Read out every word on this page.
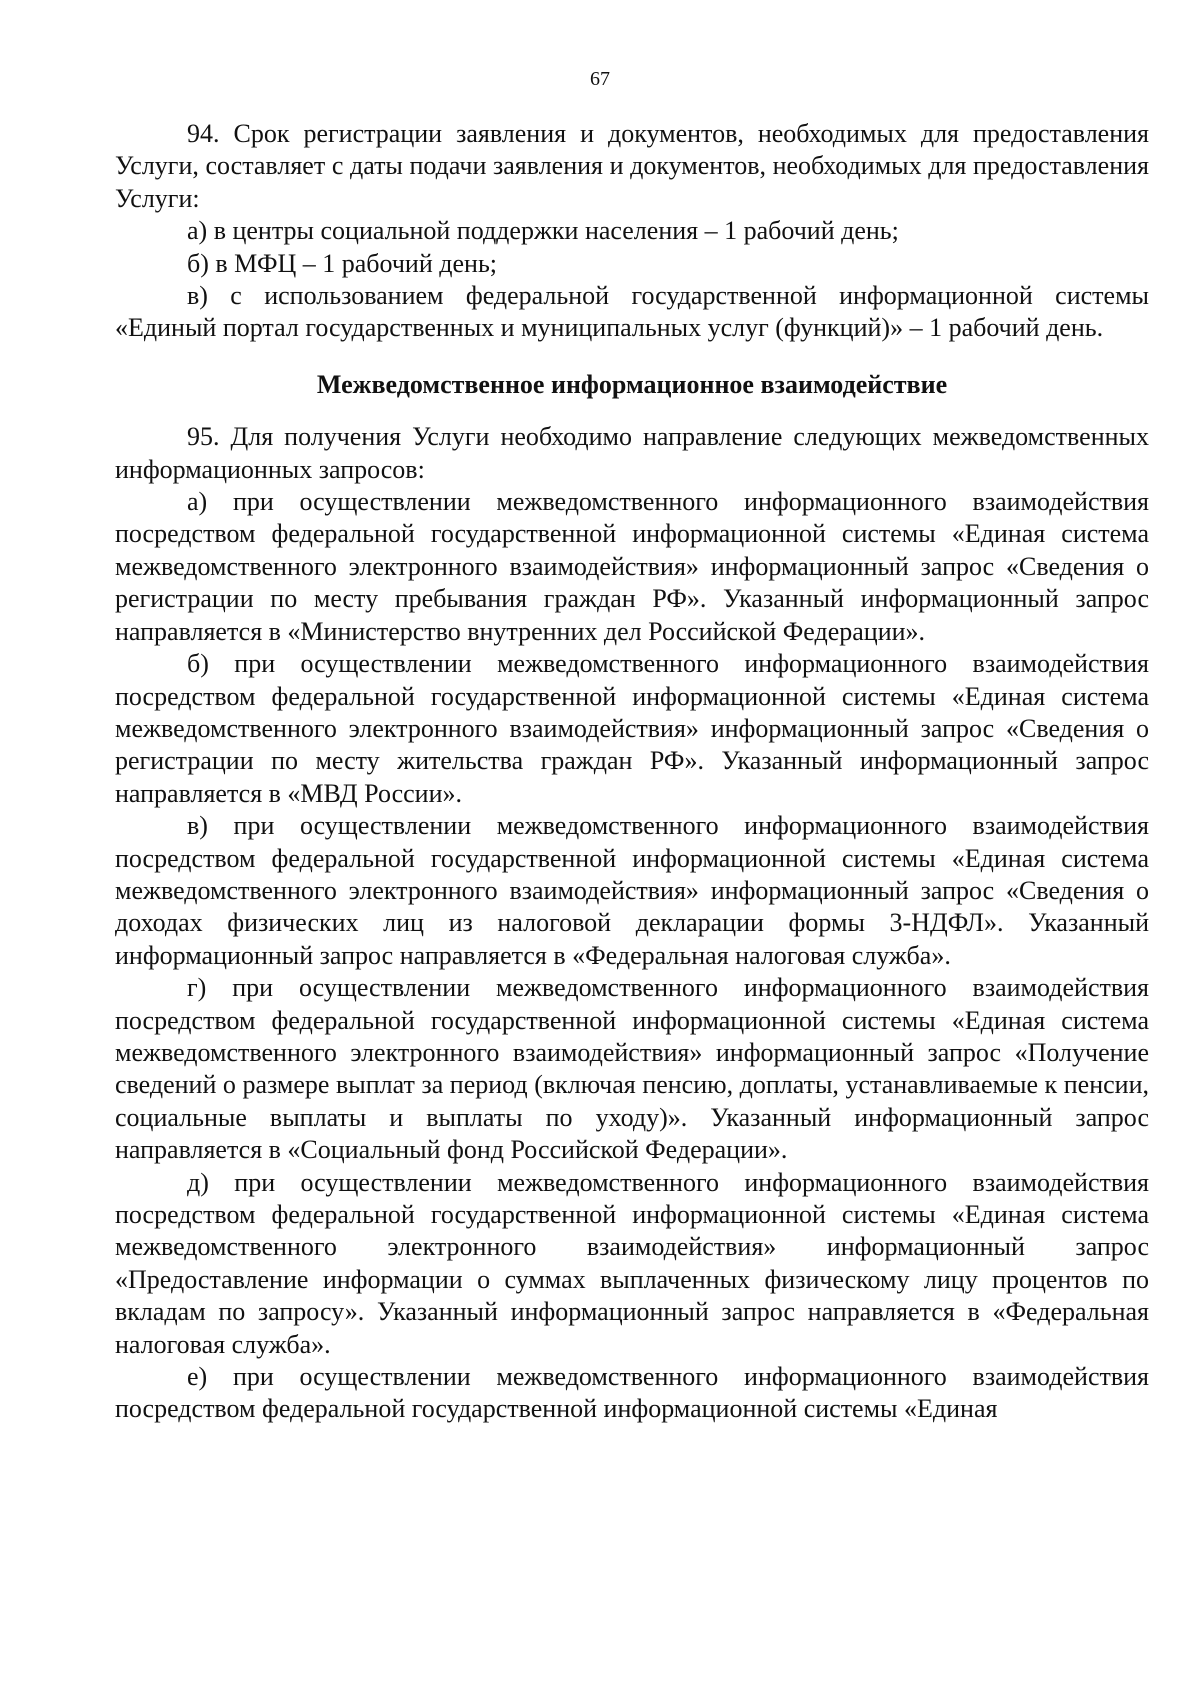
67

94. Срок регистрации заявления и документов, необходимых для предоставления Услуги, составляет с даты подачи заявления и документов, необходимых для предоставления Услуги:

а) в центры социальной поддержки населения – 1 рабочий день;

б) в МФЦ – 1 рабочий день;

в) с использованием федеральной государственной информационной системы «Единый портал государственных и муниципальных услуг (функций)» – 1 рабочий день.

Межведомственное информационное взаимодействие

95. Для получения Услуги необходимо направление следующих межведомственных информационных запросов:

а) при осуществлении межведомственного информационного взаимодействия посредством федеральной государственной информационной системы «Единая система межведомственного электронного взаимодействия» информационный запрос «Сведения о регистрации по месту пребывания граждан РФ». Указанный информационный запрос направляется в «Министерство внутренних дел Российской Федерации».

б) при осуществлении межведомственного информационного взаимодействия посредством федеральной государственной информационной системы «Единая система межведомственного электронного взаимодействия» информационный запрос «Сведения о регистрации по месту жительства граждан РФ». Указанный информационный запрос направляется в «МВД России».

в) при осуществлении межведомственного информационного взаимодействия посредством федеральной государственной информационной системы «Единая система межведомственного электронного взаимодействия» информационный запрос «Сведения о доходах физических лиц из налоговой декларации формы 3-НДФЛ». Указанный информационный запрос направляется в «Федеральная налоговая служба».

г) при осуществлении межведомственного информационного взаимодействия посредством федеральной государственной информационной системы «Единая система межведомственного электронного взаимодействия» информационный запрос «Получение сведений о размере выплат за период (включая пенсию, доплаты, устанавливаемые к пенсии, социальные выплаты и выплаты по уходу)». Указанный информационный запрос направляется в «Социальный фонд Российской Федерации».

д) при осуществлении межведомственного информационного взаимодействия посредством федеральной государственной информационной системы «Единая система межведомственного электронного взаимодействия» информационный запрос «Предоставление информации о суммах выплаченных физическому лицу процентов по вкладам по запросу». Указанный информационный запрос направляется в «Федеральная налоговая служба».

е) при осуществлении межведомственного информационного взаимодействия посредством федеральной государственной информационной системы «Единая
